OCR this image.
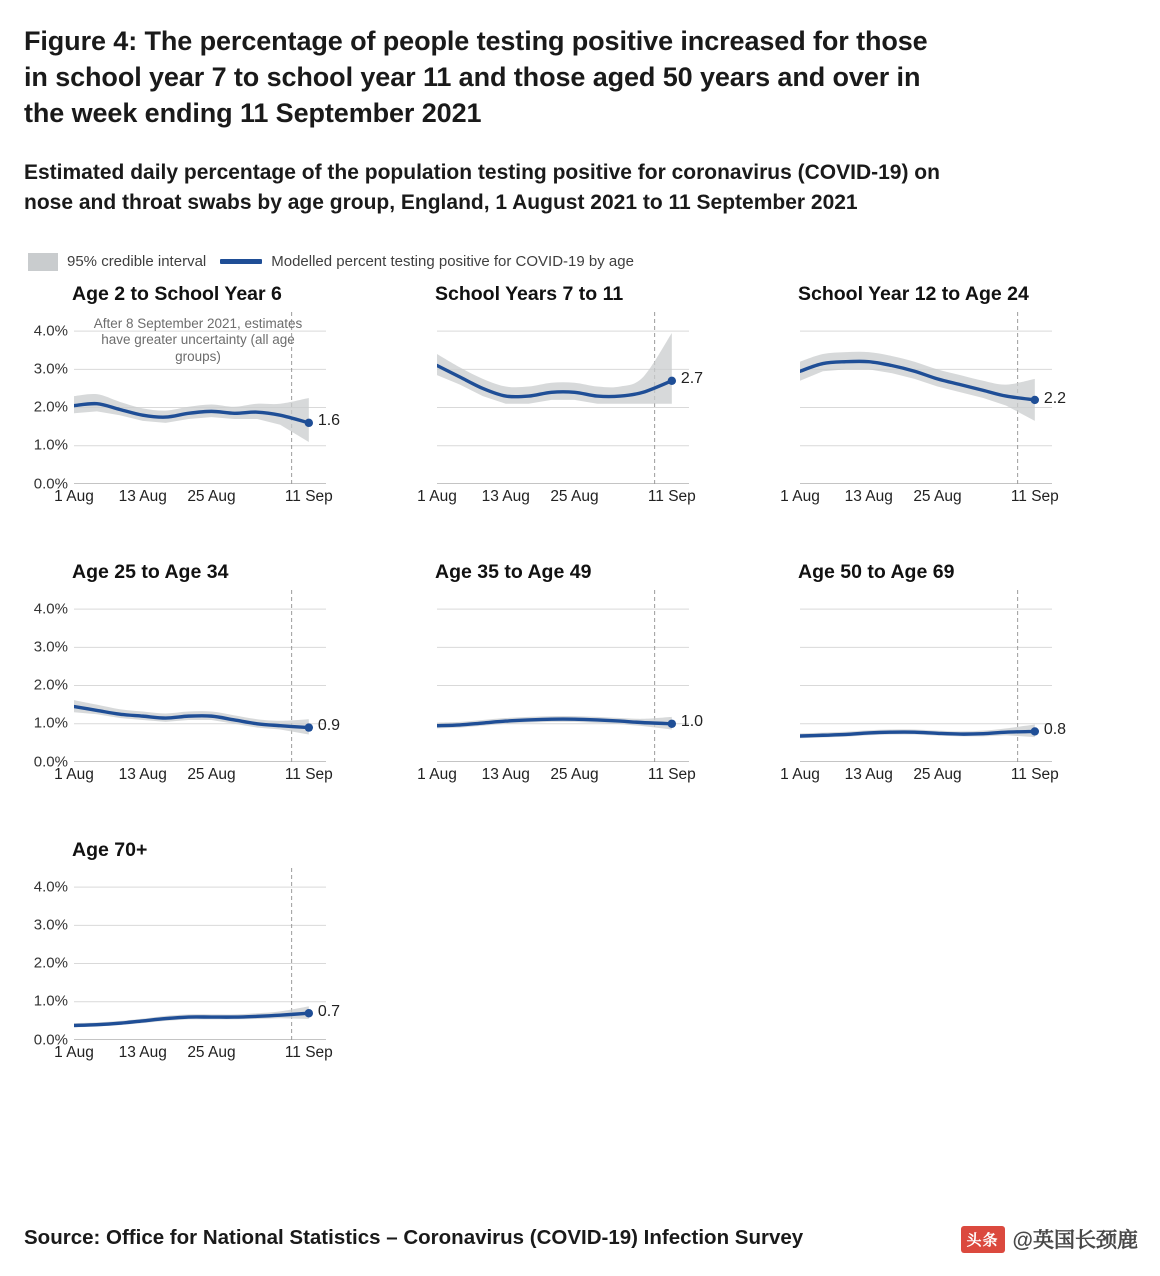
Figure 4: The percentage of people testing positive increased for those in school year 7 to school year 11 and those aged 50 years and over in the week ending 11 September 2021
Estimated daily percentage of the population testing positive for coronavirus (COVID-19) on nose and throat swabs by age group, England, 1 August 2021 to 11 September 2021
95% credible interval	Modelled percent testing positive for COVID-19 by age
Age 2 to School Year 6
0.0%
1.0%
2.0%
3.0%
4.0%
1.6
After 8 September 2021, estimates have greater uncertainty (all age groups)
1 Aug 13 Aug 25 Aug	11 Sep
School Years 7 to 11
2.7
1 Aug 13 Aug 25 Aug	11 Sep
School Year 12 to Age 24
2.2
1 Aug 13 Aug 25 Aug	11 Sep
Age 25 to Age 34
0.0%
1.0%
2.0%
3.0%
4.0%
0.9
1 Aug 13 Aug 25 Aug	11 Sep
Age 35 to Age 49
1.0
1 Aug 13 Aug 25 Aug	11 Sep
Age 50 to Age 69
0.8
1 Aug 13 Aug 25 Aug	11 Sep
Age 70+
0.0%
1.0%
2.0%
3.0%
4.0%
0.7
1 Aug 13 Aug 25 Aug	11 Sep
Source: Office for National Statistics – Coronavirus (COVID-19) Infection Survey	头条 @英国长颈鹿
